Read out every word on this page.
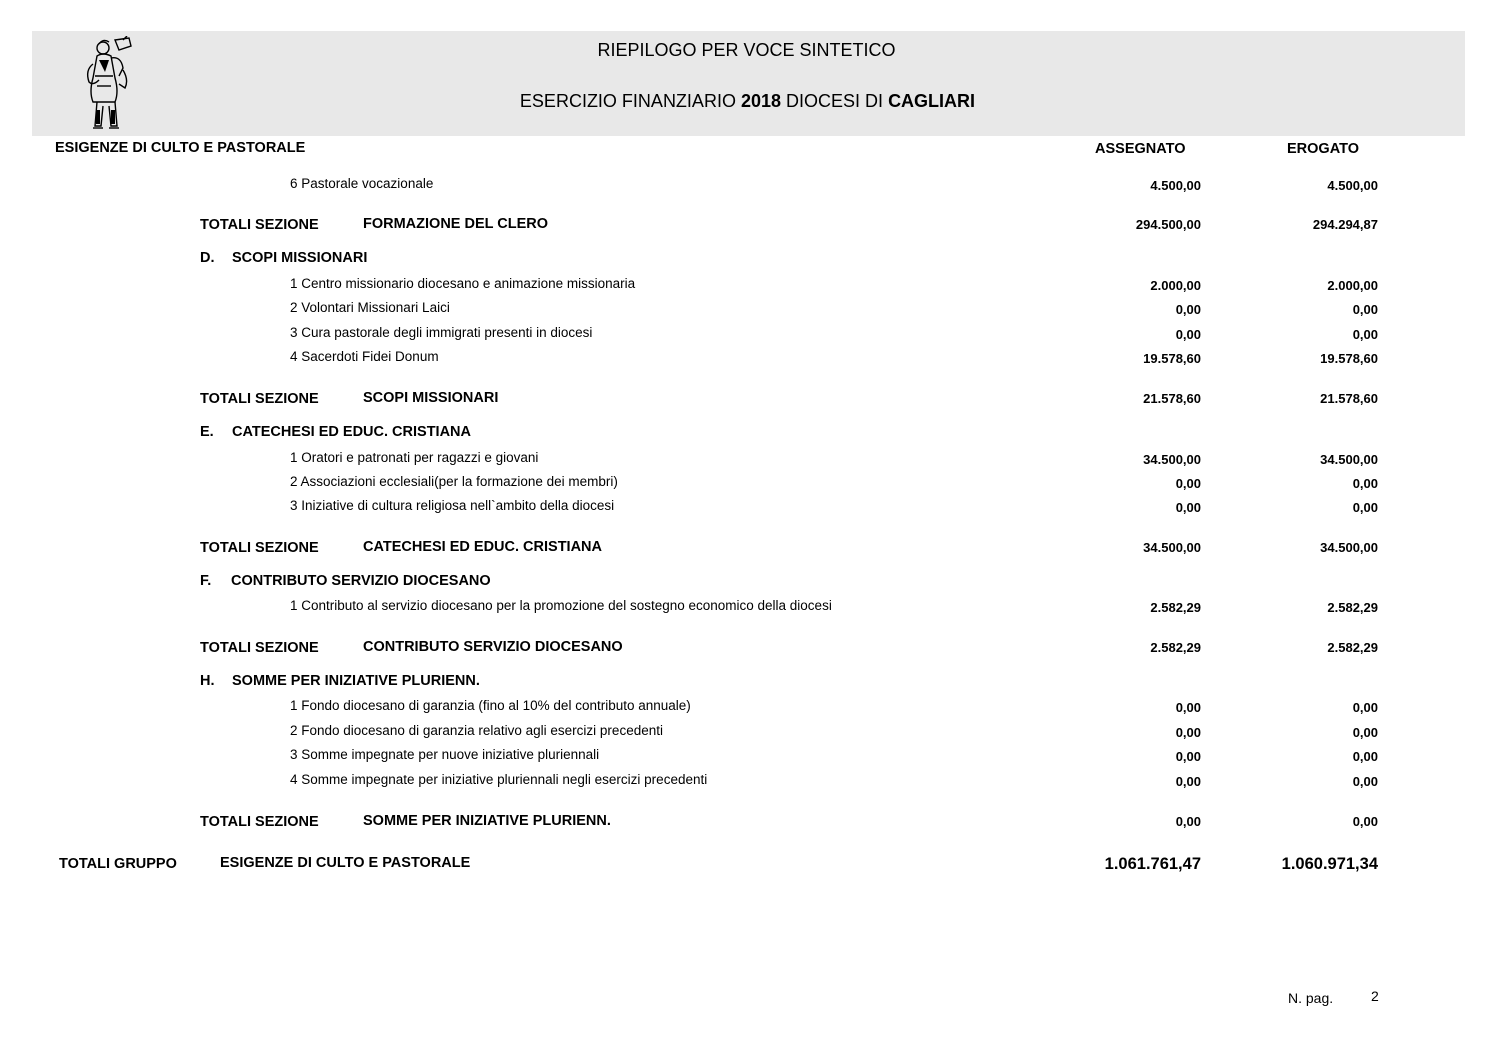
RIEPILOGO PER VOCE SINTETICO
ESERCIZIO FINANZIARIO 2018 DIOCESI DI CAGLIARI
ESIGENZE DI CULTO E PASTORALE	ASSEGNATO	EROGATO
6 Pastorale vocazionale	4.500,00	4.500,00
TOTALI SEZIONE	FORMAZIONE DEL CLERO	294.500,00	294.294,87
D. SCOPI MISSIONARI
1 Centro missionario diocesano e animazione missionaria	2.000,00	2.000,00
2 Volontari Missionari Laici	0,00	0,00
3 Cura pastorale degli immigrati presenti in diocesi	0,00	0,00
4 Sacerdoti Fidei Donum	19.578,60	19.578,60
TOTALI SEZIONE	SCOPI MISSIONARI	21.578,60	21.578,60
E. CATECHESI ED EDUC. CRISTIANA
1 Oratori e patronati per ragazzi e giovani	34.500,00	34.500,00
2 Associazioni ecclesiali(per la formazione dei membri)	0,00	0,00
3 Iniziative di cultura religiosa nell`ambito della diocesi	0,00	0,00
TOTALI SEZIONE	CATECHESI ED EDUC. CRISTIANA	34.500,00	34.500,00
F. CONTRIBUTO SERVIZIO DIOCESANO
1 Contributo al servizio diocesano per la promozione del sostegno economico della diocesi	2.582,29	2.582,29
TOTALI SEZIONE	CONTRIBUTO SERVIZIO DIOCESANO	2.582,29	2.582,29
H. SOMME PER INIZIATIVE PLURIENN.
1 Fondo diocesano di garanzia (fino al 10% del contributo annuale)	0,00	0,00
2 Fondo diocesano di garanzia relativo agli esercizi precedenti	0,00	0,00
3 Somme impegnate per nuove iniziative pluriennali	0,00	0,00
4 Somme impegnate per iniziative pluriennali negli esercizi precedenti	0,00	0,00
TOTALI SEZIONE	SOMME PER INIZIATIVE PLURIENN.	0,00	0,00
TOTALI GRUPPO	ESIGENZE DI CULTO E PASTORALE	1.061.761,47	1.060.971,34
N. pag.	2
